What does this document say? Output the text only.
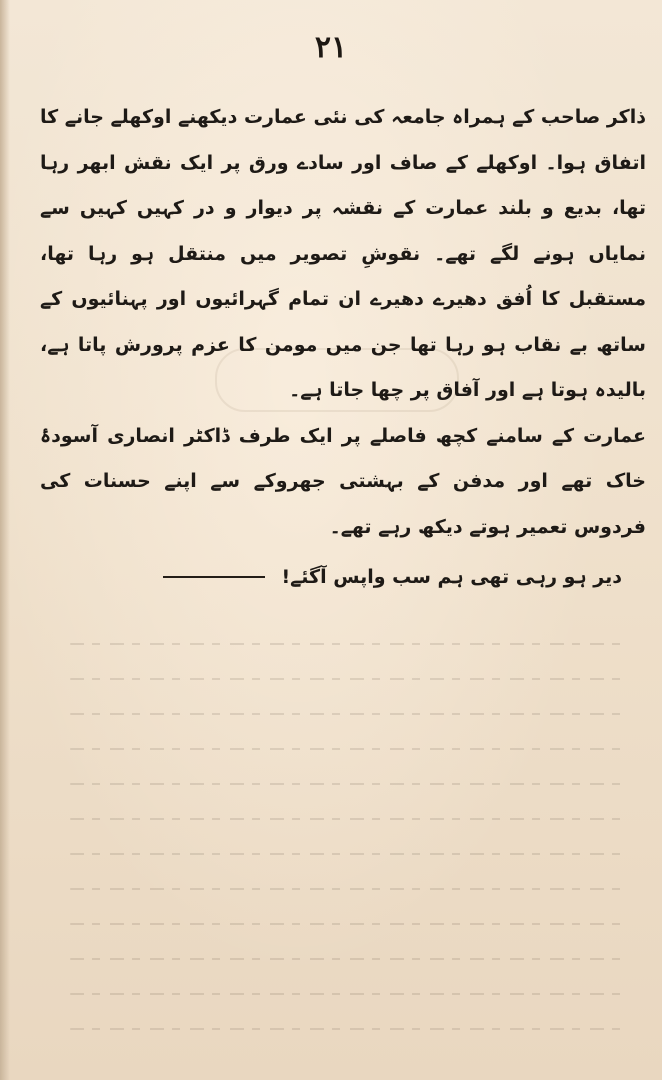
۲۱

ذاکر صاحب کے ہمراہ جامعہ کی نئی عمارت دیکھنے اوکھلے جانے کا اتفاق ہوا۔ اوکھلے کے صاف اور سادے ورق پر ایک نقش ابھر رہا تھا، بدیع و بلند عمارت کے نقشہ پر دیوار و در کہیں کہیں سے نمایاں ہونے لگے تھے۔ نقوشِ تصویر میں منتقل ہو رہا تھا، مستقبل کا اُفق دھیرے دھیرے ان تمام گہرائیوں اور پہنائیوں کے ساتھ بے نقاب ہو رہا تھا جن میں مومن کا عزم پرورش پاتا ہے، بالیدہ ہوتا ہے اور آفاق پر چھا جاتا ہے۔

عمارت کے سامنے کچھ فاصلے پر ایک طرف ڈاکٹر انصاری آسودۂ خاک تھے اور مدفن کے بہشتی جھروکے سے اپنے حسنات کی فردوس تعمیر ہوتے دیکھ رہے تھے۔

دیر ہو رہی تھی ہم سب واپس آگئے!
